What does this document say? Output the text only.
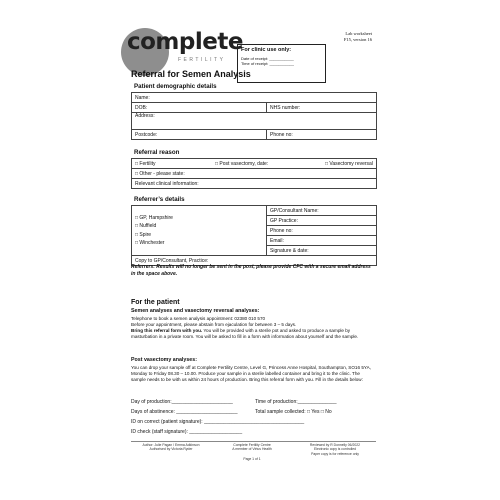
complete
FERTILITY
For clinic use only:
Date of receipt: ___________
Time of receipt: ___________
Lab worksheet
F15, version 16
Referral for Semen Analysis
Patient demographic details
Name:	
DOB:	NHS number:
Address:	
Postcode:	Phone no:
Referral reason
□ Fertility	□ Post vasectomy, date:	□ Vasectomy reversal
□ Other - please state:
Relevant clinical information:
Referrer’s details
□ GP, Hampshire
□ Nuffield
□ Spire
□ Winchester
	GP/Consultant Name:
GP Practice:
Phone no:
Email:
Signature & date:
Copy to GP/Consultant, Practice:
Referrers: Results will no longer be sent in the post, please provide CFC with a secure email address in the space above.
For the patient
Semen analyses and vasectomy reversal analyses:
Telephone to book a semen analysis appointment: 02380 010 570
Before your appointment, please abstain from ejaculation for between 3 – 5 days.
Bring this referral form with you. You will be provided with a sterile pot and asked to produce a sample by masturbation in a private room. You will be asked to fill in a form with information about yourself and the sample.
Post vasectomy analyses:
You can drop your sample off at Complete Fertility Centre, Level G, Princess Anne Hospital, Southampton, SO16 5YA, Monday to Friday 08.30 – 10.00. Produce your sample in a sterile labelled container and bring it to the clinic. The sample needs to be with us within 24 hours of production. Bring this referral form with you. Fill in the details below:
Day of production:______________________	Time of production:______________
Days of abstinence: ______________________	Total sample collected: □ Yes □ No
ID on correct (patient signature): ____________________________________
ID check (staff signature): ___________________
Author: Julie Pagan / Emma Adkinson
Authorised by Victoria Ryder
Complete Fertility Centre
A member of Virtus Health
Reviewed by R Donnelly 06/2022
Electronic copy is controlled
Paper copy is for reference only
Page 1 of 1
